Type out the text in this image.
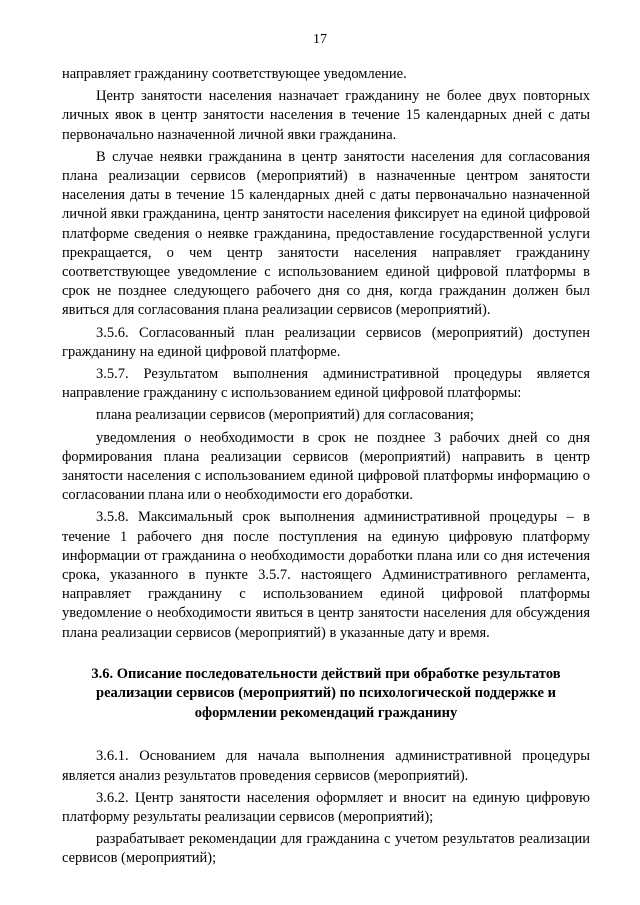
17

направляет гражданину соответствующее уведомление.

Центр занятости населения назначает гражданину не более двух повторных личных явок в центр занятости населения в течение 15 календарных дней с даты первоначально назначенной личной явки гражданина.

В случае неявки гражданина в центр занятости населения для согласования плана реализации сервисов (мероприятий) в назначенные центром занятости населения даты в течение 15 календарных дней с даты первоначально назначенной личной явки гражданина, центр занятости населения фиксирует на единой цифровой платформе сведения о неявке гражданина, предоставление государственной услуги прекращается, о чем центр занятости населения направляет гражданину соответствующее уведомление с использованием единой цифровой платформы в срок не позднее следующего рабочего дня со дня, когда гражданин должен был явиться для согласования плана реализации сервисов (мероприятий).

3.5.6. Согласованный план реализации сервисов (мероприятий) доступен гражданину на единой цифровой платформе.

3.5.7. Результатом выполнения административной процедуры является направление гражданину с использованием единой цифровой платформы:

плана реализации сервисов (мероприятий) для согласования;

уведомления о необходимости в срок не позднее 3 рабочих дней со дня формирования плана реализации сервисов (мероприятий) направить в центр занятости населения с использованием единой цифровой платформы информацию о согласовании плана или о необходимости его доработки.

3.5.8. Максимальный срок выполнения административной процедуры – в течение 1 рабочего дня после поступления на единую цифровую платформу информации от гражданина о необходимости доработки плана или со дня истечения срока, указанного в пункте 3.5.7. настоящего Административного регламента, направляет гражданину с использованием единой цифровой платформы уведомление о необходимости явиться в центр занятости населения для обсуждения плана реализации сервисов (мероприятий) в указанные дату и время.

3.6. Описание последовательности действий при обработке результатов реализации сервисов (мероприятий) по психологической поддержке и оформлении рекомендаций гражданину

3.6.1. Основанием для начала выполнения административной процедуры является анализ результатов проведения сервисов (мероприятий).

3.6.2. Центр занятости населения оформляет и вносит на единую цифровую платформу результаты реализации сервисов (мероприятий);

разрабатывает рекомендации для гражданина с учетом результатов реализации сервисов (мероприятий);
